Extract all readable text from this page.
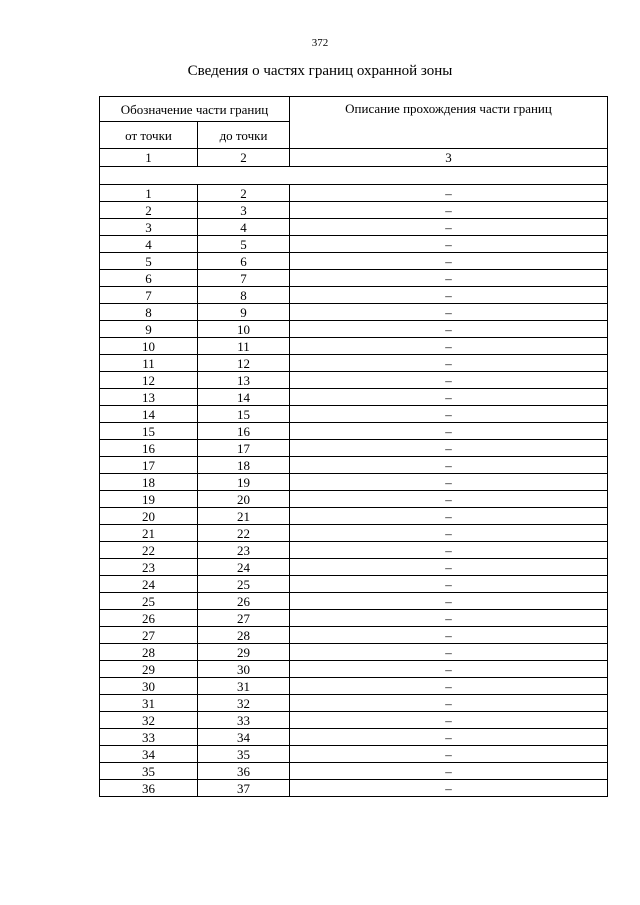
372
Сведения о частях границ охранной зоны
Обозначение части границ		Описание прохождения части границ
от точки	до точки	
1	2	3

1	2	–
2	3	–
3	4	–
4	5	–
5	6	–
6	7	–
7	8	–
8	9	–
9	10	–
10	11	–
11	12	–
12	13	–
13	14	–
14	15	–
15	16	–
16	17	–
17	18	–
18	19	–
19	20	–
20	21	–
21	22	–
22	23	–
23	24	–
24	25	–
25	26	–
26	27	–
27	28	–
28	29	–
29	30	–
30	31	–
31	32	–
32	33	–
33	34	–
34	35	–
35	36	–
36	37	–
